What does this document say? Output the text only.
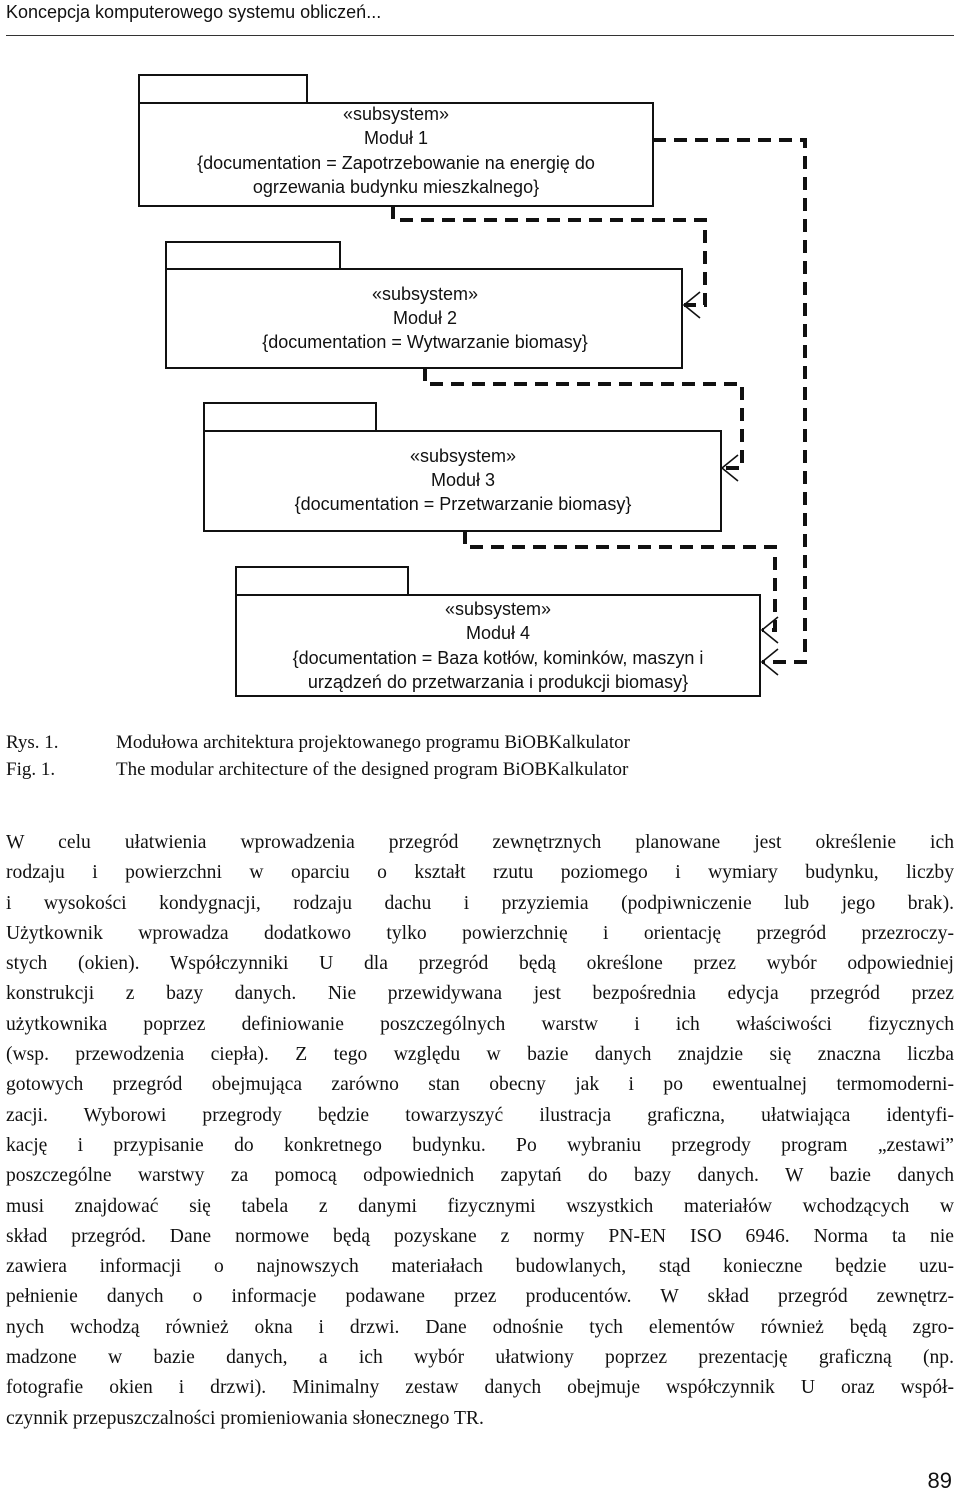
Koncepcja komputerowego systemu obliczeń...
«subsystem»
Moduł 1
{documentation = Zapotrzebowanie na energię do
ogrzewania budynku mieszkalnego}
«subsystem»
Moduł 2
{documentation = Wytwarzanie biomasy}
«subsystem»
Moduł 3
{documentation = Przetwarzanie biomasy}
«subsystem»
Moduł 4
{documentation = Baza kotłów, kominków, maszyn i
urządzeń do przetwarzania i produkcji biomasy}
Rys. 1.	Modułowa architektura projektowanego programu BiOBKalkulator
Fig. 1.	The modular architecture of the designed program BiOBKalkulator
W celu ułatwienia wprowadzenia przegród zewnętrznych planowane jest określenie ich
rodzaju i powierzchni w oparciu o kształt rzutu poziomego i wymiary budynku, liczby
i wysokości kondygnacji, rodzaju dachu i przyziemia (podpiwniczenie lub jego brak).
Użytkownik wprowadza dodatkowo tylko powierzchnię i orientację przegród przezroczy-
stych (okien). Współczynniki U dla przegród będą określone przez wybór odpowiedniej
konstrukcji z bazy danych. Nie przewidywana jest bezpośrednia edycja przegród przez
użytkownika poprzez definiowanie poszczególnych warstw i ich właściwości fizycznych
(wsp. przewodzenia ciepła). Z tego względu w bazie danych znajdzie się znaczna liczba
gotowych przegród obejmująca zarówno stan obecny jak i po ewentualnej termomoderni-
zacji. Wyborowi przegrody będzie towarzyszyć ilustracja graficzna, ułatwiająca identyfi-
kację i przypisanie do konkretnego budynku. Po wybraniu przegrody program „zestawi”
poszczególne warstwy za pomocą odpowiednich zapytań do bazy danych. W bazie danych
musi znajdować się tabela z danymi fizycznymi wszystkich materiałów wchodzących w
skład przegród. Dane normowe będą pozyskane z normy PN-EN ISO 6946. Norma ta nie
zawiera informacji o najnowszych materiałach budowlanych, stąd konieczne będzie uzu-
pełnienie danych o informacje podawane przez producentów. W skład przegród zewnętrz-
nych wchodzą również okna i drzwi. Dane odnośnie tych elementów również będą zgro-
madzone w bazie danych, a ich wybór ułatwiony poprzez prezentację graficzną (np.
fotografie okien i drzwi). Minimalny zestaw danych obejmuje współczynnik U oraz współ-
czynnik przepuszczalności promieniowania słonecznego TR.
89
